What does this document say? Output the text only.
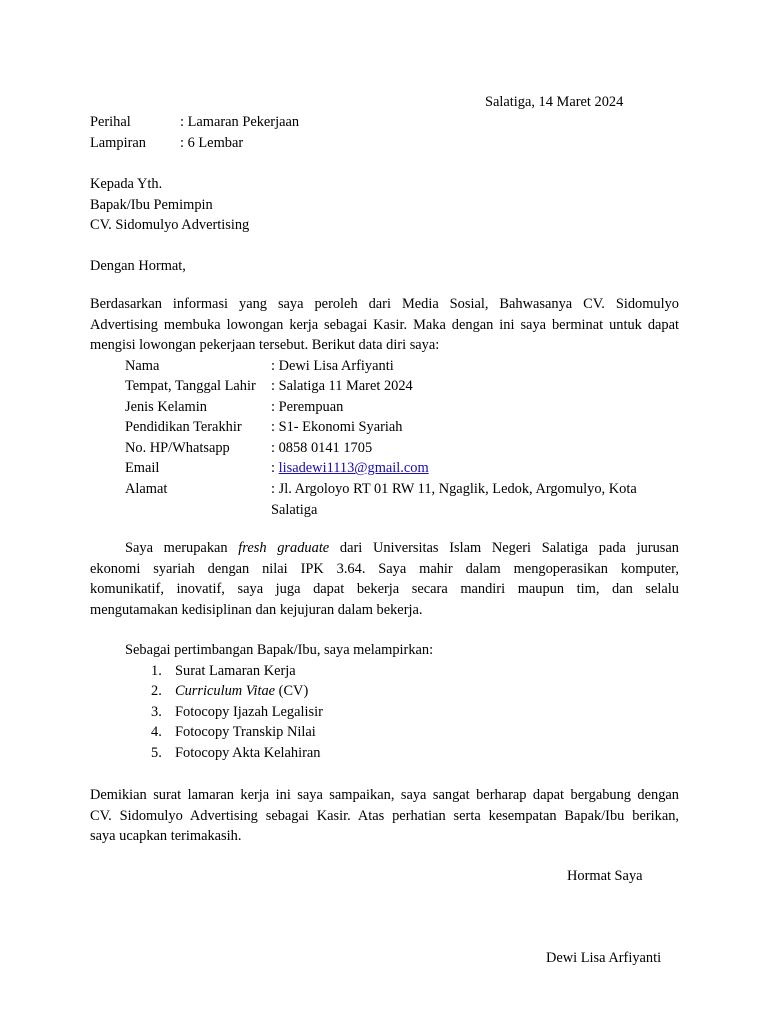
Salatiga, 14 Maret 2024
Perihal	: Lamaran Pekerjaan
Lampiran : 6 Lembar
Kepada Yth.
Bapak/Ibu Pemimpin
CV. Sidomulyo Advertising
Dengan Hormat,
Berdasarkan informasi yang saya peroleh dari Media Sosial, Bahwasanya CV. Sidomulyo
Advertising membuka lowongan kerja sebagai Kasir. Maka dengan ini saya berminat untuk dapat
mengisi lowongan pekerjaan tersebut. Berikut data diri saya:
Nama	: Dewi Lisa Arfiyanti
Tempat, Tanggal Lahir : Salatiga 11 Maret 2024
Jenis Kelamin	: Perempuan
Pendidikan Terakhir : S1- Ekonomi Syariah
No. HP/Whatsapp	: 0858 0141 1705
Email	: lisadewi1113@gmail.com
Alamat	: Jl. Argoloyo RT 01 RW 11, Ngaglik, Ledok, Argomulyo, Kota
Salatiga
Saya merupakan fresh graduate dari Universitas Islam Negeri Salatiga pada jurusan
ekonomi syariah dengan nilai IPK 3.64. Saya mahir dalam mengoperasikan komputer,
komunikatif, inovatif, saya juga dapat bekerja secara mandiri maupun tim, dan selalu
mengutamakan kedisiplinan dan kejujuran dalam bekerja.
Sebagai pertimbangan Bapak/Ibu, saya melampirkan:
1. Surat Lamaran Kerja
2. Curriculum Vitae (CV)
3. Fotocopy Ijazah Legalisir
4. Fotocopy Transkip Nilai
5. Fotocopy Akta Kelahiran
Demikian surat lamaran kerja ini saya sampaikan, saya sangat berharap dapat bergabung dengan
CV. Sidomulyo Advertising sebagai Kasir. Atas perhatian serta kesempatan Bapak/Ibu berikan,
saya ucapkan terimakasih.
Hormat Saya
Dewi Lisa Arfiyanti
